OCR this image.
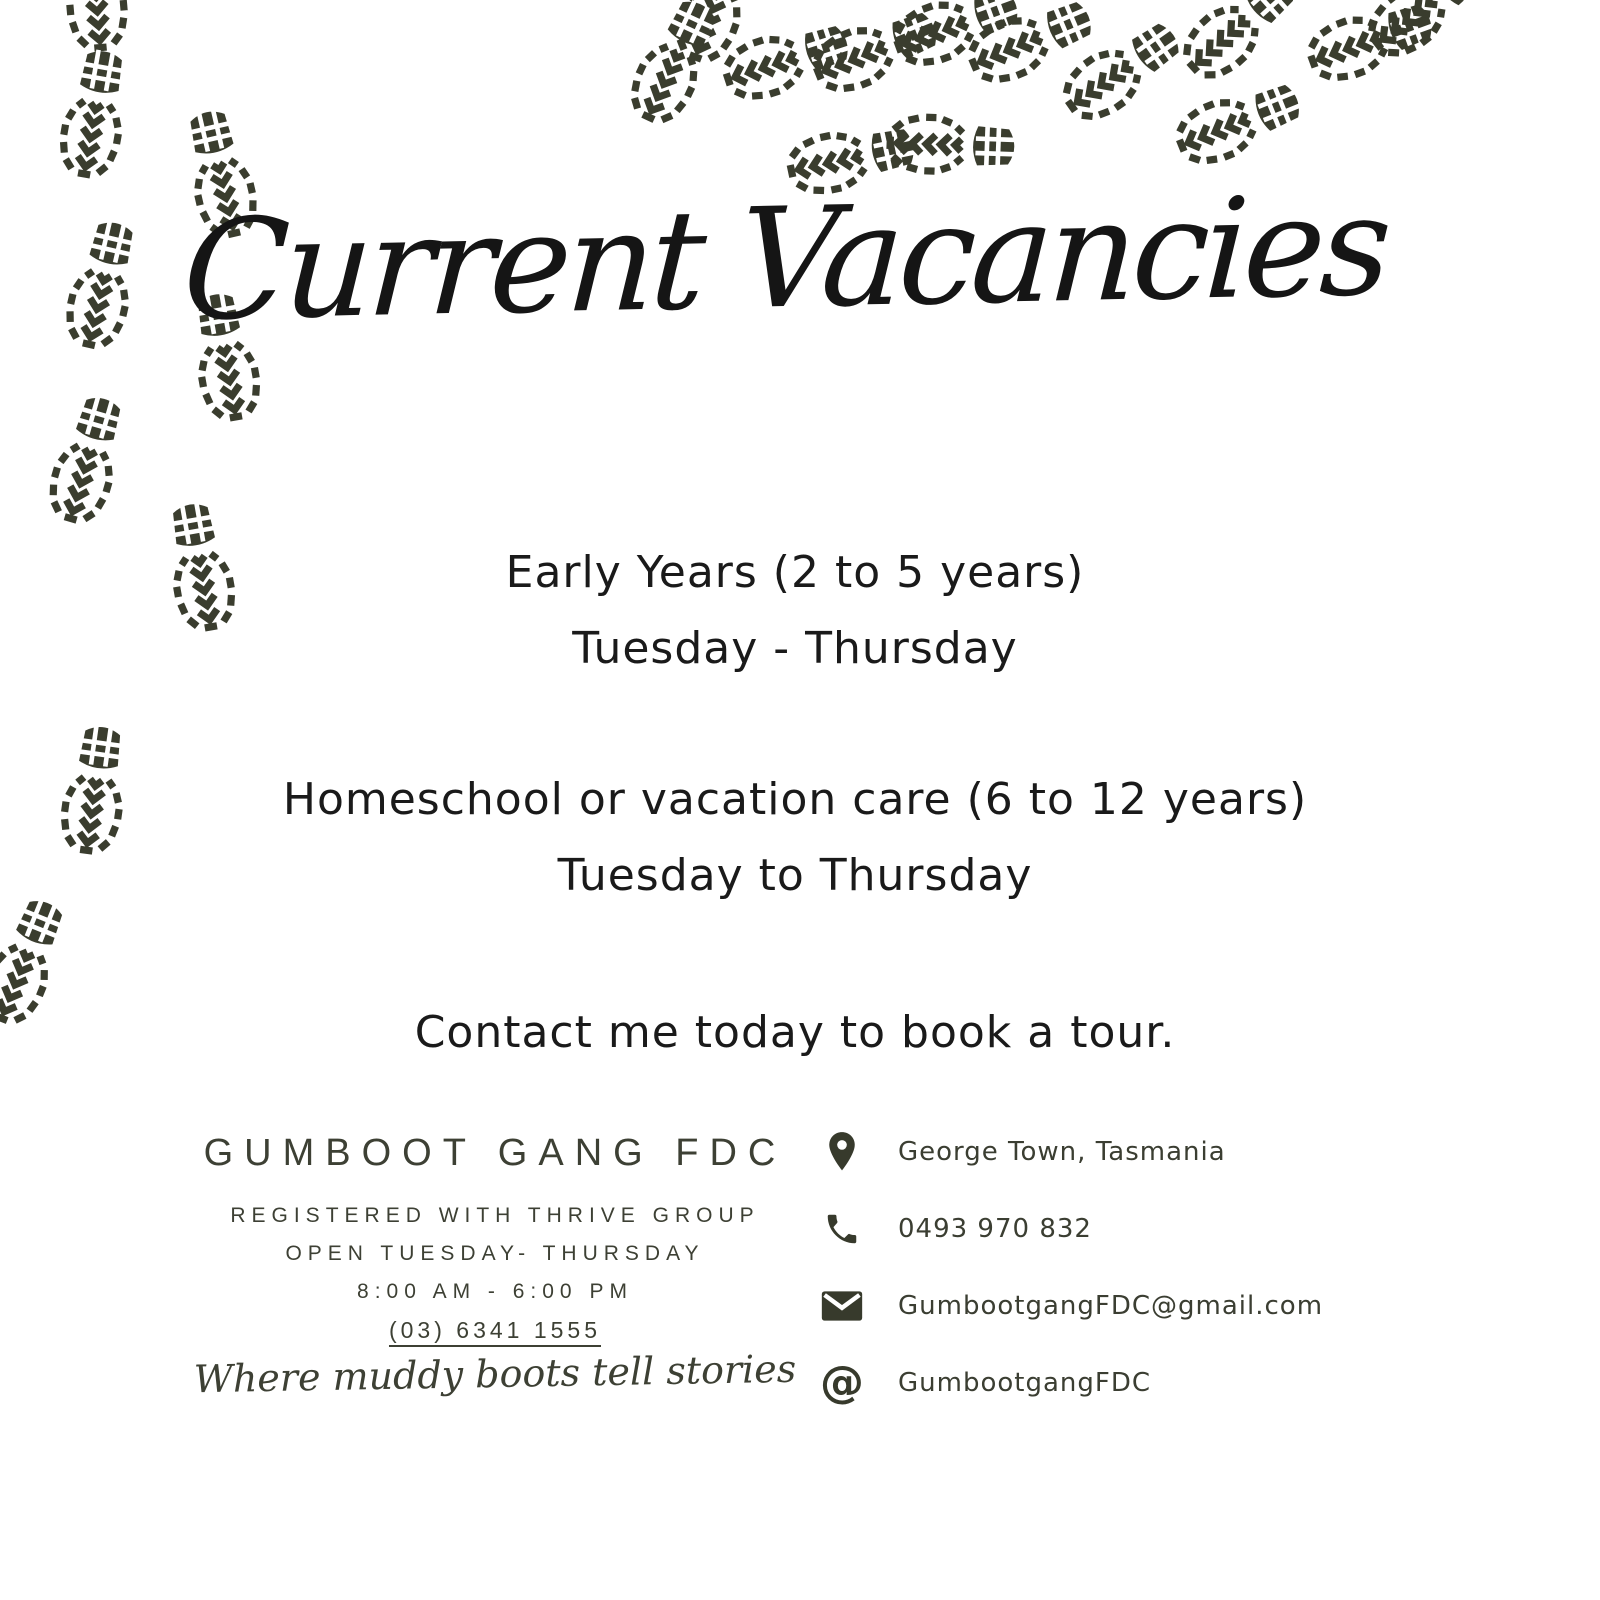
Current Vacancies
Early Years (2 to 5 years)
Tuesday - Thursday
Homeschool or vacation care (6 to 12 years)
Tuesday to Thursday
Contact me today to book a tour.
GUMBOOT GANG FDC
REGISTERED WITH THRIVE GROUP
OPEN TUESDAY- THURSDAY
8:00 AM - 6:00 PM
(03) 6341 1555
Where muddy boots tell stories
George Town, Tasmania
0493 970 832
GumbootgangFDC@gmail.com
@ GumbootgangFDC
